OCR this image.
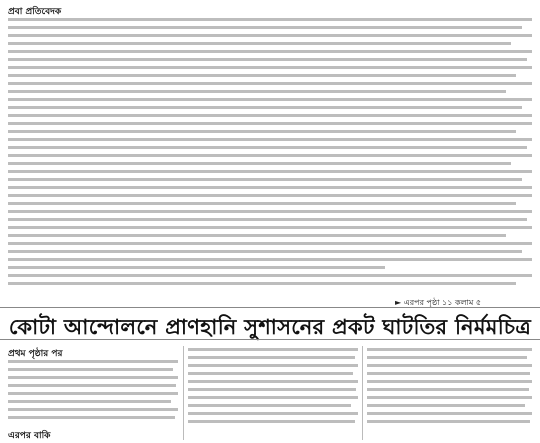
প্রবা প্রতিবেদক
► এরপর পৃষ্ঠা ১১ কলাম ৫
কোটা আন্দোলনে প্রাণহানি সুশাসনের প্রকট ঘাটতির নির্মমচিত্র
প্রথম পৃষ্ঠার পর
এরপর বাকি
